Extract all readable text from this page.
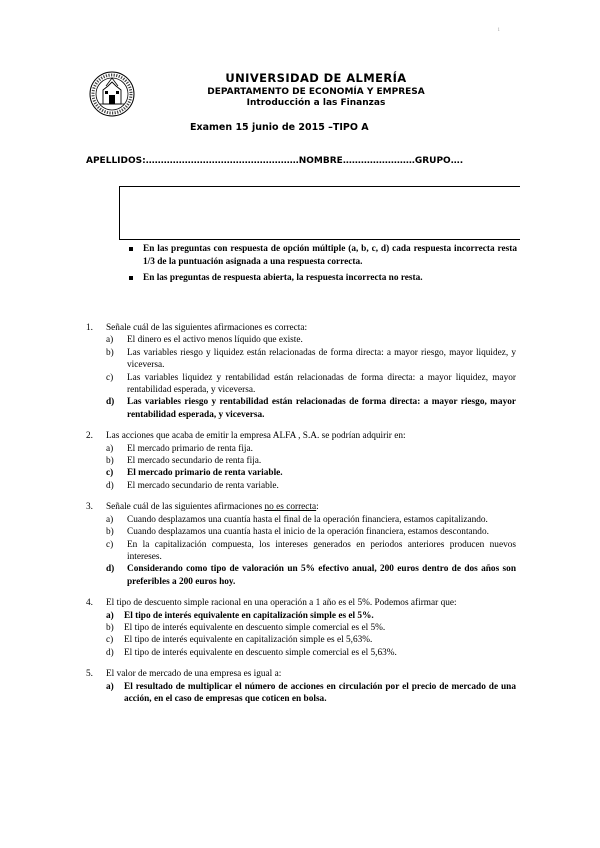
1
UNIVERSIDAD DE ALMERÍA
DEPARTAMENTO DE ECONOMÍA Y EMPRESA
Introducción a las Finanzas
Examen 15 junio de 2015 –TIPO A
APELLIDOS:……………………………………………NOMBRE……………………GRUPO….
En las preguntas con respuesta de opción múltiple (a, b, c, d) cada respuesta incorrecta resta 1/3 de la puntuación asignada a una respuesta correcta.
En las preguntas de respuesta abierta, la respuesta incorrecta no resta.
1. Señale cuál de las siguientes afirmaciones es correcta:
a) El dinero es el activo menos líquido que existe.
b) Las variables riesgo y liquidez están relacionadas de forma directa: a mayor riesgo, mayor liquidez, y viceversa.
c) Las variables liquidez y rentabilidad están relacionadas de forma directa: a mayor liquidez, mayor rentabilidad esperada, y viceversa.
d) Las variables riesgo y rentabilidad están relacionadas de forma directa: a mayor riesgo, mayor rentabilidad esperada, y viceversa.
2. Las acciones que acaba de emitir la empresa ALFA , S.A. se podrían adquirir en:
a) El mercado primario de renta fija.
b) El mercado secundario de renta fija.
c) El mercado primario de renta variable.
d) El mercado secundario de renta variable.
3. Señale cuál de las siguientes afirmaciones no es correcta:
a) Cuando desplazamos una cuantía hasta el final de la operación financiera, estamos capitalizando.
b) Cuando desplazamos una cuantía hasta el inicio de la operación financiera, estamos descontando.
c) En la capitalización compuesta, los intereses generados en periodos anteriores producen nuevos intereses.
d) Considerando como tipo de valoración un 5% efectivo anual, 200 euros dentro de dos años son preferibles a 200 euros hoy.
4. El tipo de descuento simple racional en una operación a 1 año es el 5%. Podemos afirmar que:
a) El tipo de interés equivalente en capitalización simple es el 5%.
b) El tipo de interés equivalente en descuento simple comercial es el 5%.
c) El tipo de interés equivalente en capitalización simple es el 5,63%.
d) El tipo de interés equivalente en descuento simple comercial es el 5,63%.
5. El valor de mercado de una empresa es igual a:
a) El resultado de multiplicar el número de acciones en circulación por el precio de mercado de una acción, en el caso de empresas que coticen en bolsa.
